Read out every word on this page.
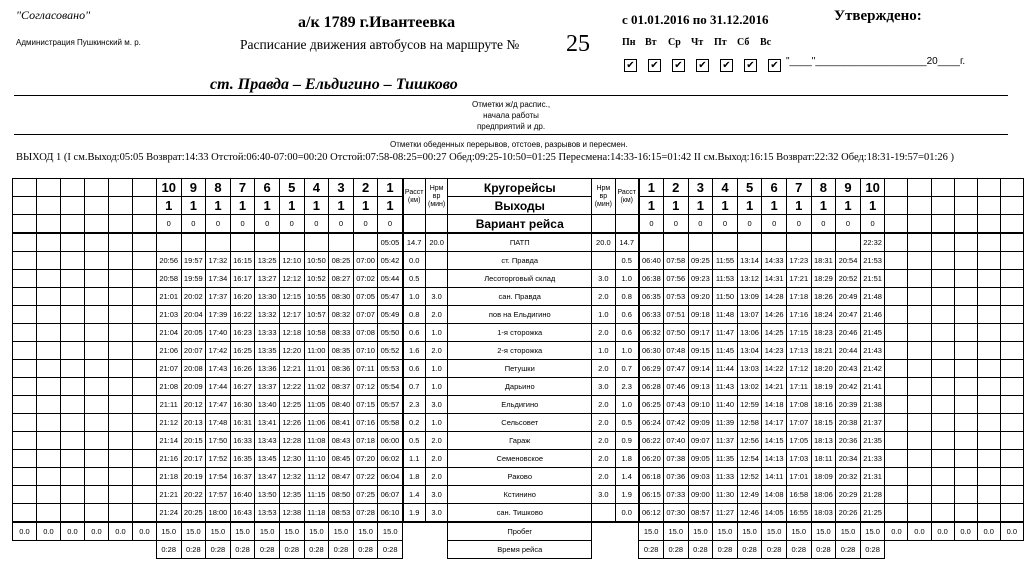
"Согласовано"
Администрация Пушкинский м. р.
а/к 1789 г.Ивантеевка
Расписание движения автобусов на маршруте № 25
с 01.01.2016 по 31.12.2016	Утверждено:
Пн Вт Ср Чт Пт Сб Вс
✔ ✔ ✔ ✔ ✔ ✔ ✔ "____"____________________20____г.
ст. Правда – Ельдигино – Тишково
Отметки ж/д распис.,
начала работы
предприятий и др.
Отметки обеденных перерывов, отстоев, разрывов и пересмен.
ВЫХОД 1 (I см.Выход:05:05 Возврат:14:33 Отстой:06:40-07:00=00:20 Отстой:07:58-08:25=00:27 Обед:09:25-10:50=01:25 Пересмена:14:33-16:15=01:42 II см.Выход:16:15 Возврат:22:32 Обед:18:31-19:57=01:26 )
						10	9	8	7	6	5	4	3	2	1	Расст (км)	Нрм вр (мин)	Кругорейсы	Нрм вр (мин)	Расст (км)	1	2	3	4	5	6	7	8	9	10						
						1	1	1	1	1	1	1	1	1	1			Выходы			1	1	1	1	1	1	1	1	1	1						
						0	0	0	0	0	0	0	0	0	0			Вариант рейса			0	0	0	0	0	0	0	0	0	0						
															05:05	14.7	20.0	ПАТП	20.0	14.7										22:32						
						20:56	19:57	17:32	16:15	13:25	12:10	10:50	08:25	07:00	05:42	0.0		ст. Правда		0.5	06:40	07:58	09:25	11:55	13:14	14:33	17:23	18:31	20:54	21:53						
						20:58	19:59	17:34	16:17	13:27	12:12	10:52	08:27	07:02	05:44	0.5		Лесоторговый склад	3.0	1.0	06:38	07:56	09:23	11:53	13:12	14:31	17:21	18:29	20:52	21:51						
						21:01	20:02	17:37	16:20	13:30	12:15	10:55	08:30	07:05	05:47	1.0	3.0	сан. Правда	2.0	0.8	06:35	07:53	09:20	11:50	13:09	14:28	17:18	18:26	20:49	21:48						
						21:03	20:04	17:39	16:22	13:32	12:17	10:57	08:32	07:07	05:49	0.8	2.0	пов на Ельдигино	1.0	0.6	06:33	07:51	09:18	11:48	13:07	14:26	17:16	18:24	20:47	21:46						
						21:04	20:05	17:40	16:23	13:33	12:18	10:58	08:33	07:08	05:50	0.6	1.0	1-я сторожка	2.0	0.6	06:32	07:50	09:17	11:47	13:06	14:25	17:15	18:23	20:46	21:45						
						21:06	20:07	17:42	16:25	13:35	12:20	11:00	08:35	07:10	05:52	1.6	2.0	2-я сторожка	1.0	1.0	06:30	07:48	09:15	11:45	13:04	14:23	17:13	18:21	20:44	21:43						
						21:07	20:08	17:43	16:26	13:36	12:21	11:01	08:36	07:11	05:53	0.6	1.0	Петушки	2.0	0.7	06:29	07:47	09:14	11:44	13:03	14:22	17:12	18:20	20:43	21:42						
						21:08	20:09	17:44	16:27	13:37	12:22	11:02	08:37	07:12	05:54	0.7	1.0	Дарьино	3.0	2.3	06:28	07:46	09:13	11:43	13:02	14:21	17:11	18:19	20:42	21:41						
						21:11	20:12	17:47	16:30	13:40	12:25	11:05	08:40	07:15	05:57	2.3	3.0	Ельдигино	2.0	1.0	06:25	07:43	09:10	11:40	12:59	14:18	17:08	18:16	20:39	21:38						
						21:12	20:13	17:48	16:31	13:41	12:26	11:06	08:41	07:16	05:58	0.2	1.0	Сельсовет	2.0	0.5	06:24	07:42	09:09	11:39	12:58	14:17	17:07	18:15	20:38	21:37						
						21:14	20:15	17:50	16:33	13:43	12:28	11:08	08:43	07:18	06:00	0.5	2.0	Гараж	2.0	0.9	06:22	07:40	09:07	11:37	12:56	14:15	17:05	18:13	20:36	21:35						
						21:16	20:17	17:52	16:35	13:45	12:30	11:10	08:45	07:20	06:02	1.1	2.0	Семеновское	2.0	1.8	06:20	07:38	09:05	11:35	12:54	14:13	17:03	18:11	20:34	21:33						
						21:18	20:19	17:54	16:37	13:47	12:32	11:12	08:47	07:22	06:04	1.8	2.0	Раково	2.0	1.4	06:18	07:36	09:03	11:33	12:52	14:11	17:01	18:09	20:32	21:31						
						21:21	20:22	17:57	16:40	13:50	12:35	11:15	08:50	07:25	06:07	1.4	3.0	Кстинино	3.0	1.9	06:15	07:33	09:00	11:30	12:49	14:08	16:58	18:06	20:29	21:28						
						21:24	20:25	18:00	16:43	13:53	12:38	11:18	08:53	07:28	06:10	1.9	3.0	сан. Тишково		0.0	06:12	07:30	08:57	11:27	12:46	14:05	16:55	18:03	20:26	21:25						
0.0	0.0	0.0	0.0	0.0	0.0	15.0	15.0	15.0	15.0	15.0	15.0	15.0	15.0	15.0	15.0			Пробег			15.0	15.0	15.0	15.0	15.0	15.0	15.0	15.0	15.0	15.0	0.0	0.0	0.0	0.0	0.0	0.0
						0:28	0:28	0:28	0:28	0:28	0:28	0:28	0:28	0:28	0:28			Время рейса			0:28	0:28	0:28	0:28	0:28	0:28	0:28	0:28	0:28	0:28						
